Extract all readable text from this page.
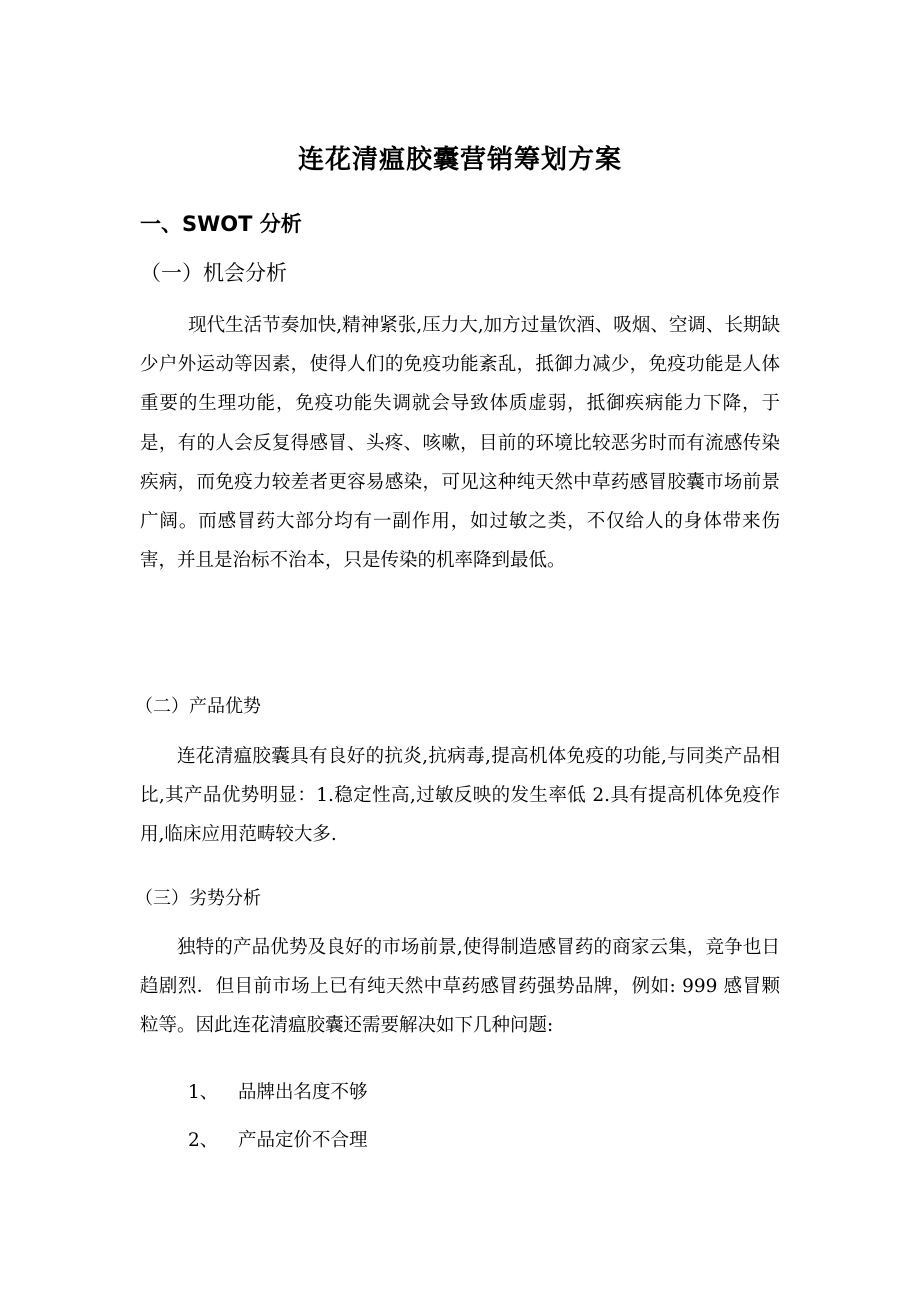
连花清瘟胶囊营销筹划方案
一、SWOT 分析
（一）机会分析
现代生活节奏加快,精神紧张,压力大,加方过量饮酒、吸烟、空调、长期缺少户外运动等因素，使得人们的免疫功能紊乱，抵御力减少，免疫功能是人体重要的生理功能，免疫功能失调就会导致体质虚弱，抵御疾病能力下降，于是，有的人会反复得感冒、头疼、咳嗽，目前的环境比较恶劣时而有流感传染疾病，而免疫力较差者更容易感染，可见这种纯天然中草药感冒胶囊市场前景广阔。而感冒药大部分均有一副作用，如过敏之类，不仅给人的身体带来伤害，并且是治标不治本，只是传染的机率降到最低。
（二）产品优势
连花清瘟胶囊具有良好的抗炎,抗病毒,提高机体免疫的功能,与同类产品相比,其产品优势明显：1.稳定性高,过敏反映的发生率低 2.具有提高机体免疫作用,临床应用范畴较大多.
（三）劣势分析
独特的产品优势及良好的市场前景,使得制造感冒药的商家云集，竞争也日趋剧烈．但目前市场上已有纯天然中草药感冒药强势品牌，例如: 999 感冒颗粒等。因此连花清瘟胶囊还需要解决如下几种问题:
1、 品牌出名度不够
2、 产品定价不合理
